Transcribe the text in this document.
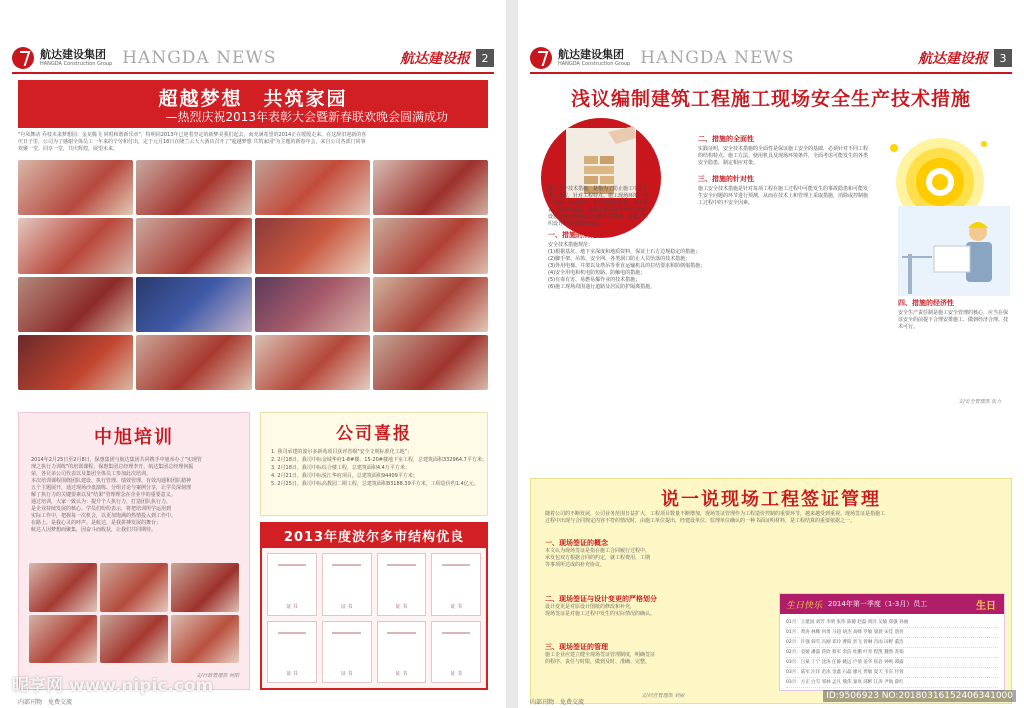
航达建设集团
HANGDA Construction Group HANGDA NEWS	航达建设报	2
超越梦想　共筑家园
—热烈庆祝2013年表彰大会暨新春联欢晚会圆满成功
"丹凤舞动 乔枝未来梦想园：金龙腾飞 同唱和谐新乐章"，特明同2013年已迎着坚定的新梦美我们起去，而充满希望的2014正在缓缓走来。在这辞旧迎新的喜
庆日子里，公司为了感谢全体员工一年来的辛劳和付出，定于元月18日在隆兰云天大酒店召开了"超越梦想 共筑家园"为主题的新春年会，来自公司各部门同事
欢聚一堂，同享一堂，共庆辉煌，展望未来。
中旭培训
2014年2月25日至2月8日，保惠集团与航达集团共同携手中旭举办了"实现管
理之执行力训练"的培训课程，保惠集团总经理李开，航达集团总经理何振
荣，各兄弟公司代表以及集团全体员工参加此次培训。
本次培训课程围绕团队建设、执行管理、绩效管理、有效沟通和团队精神
五个主题展开，通过现场沙盘演练、分组讨论与案例分享，让学员深刻理
解了执行力的关键要素以及"结果"管理理念在企业中的重要意义。
通过培训，大家一致认为：提升个人执行力，打造团队执行力，
是企业持续发展的核心。学员们纷纷表示，将把培训所学运用到
实际工作中，把握每一次机会，以更加饱满的热情投入到工作中。
在路上，是我心灵的呼声。是航达，是我拼搏发展的舞台；
航达人因梦想而聚集，因奋斗而收获，让我们共同期待。
文/行政管理部 何阳
公司喜报
1. 我司承建的波尔多新苑项目获评省级"安全文明标准化工地"；
2. 2月18日，我司中标金域华府1-8#楼、15-20#楼地下室工程，总建筑面积332964.7平方米；
3. 2月18日，我司中标综合楼工程，总建筑面积4.4万平方米；
4. 2月21日，我司中标悦江华府项目，总建筑面积94409平方米；
5. 2月25日，我司中标高教园二期工程，总建筑面积83188.39平方米，工程造价约1.4亿元。
2013年度波尔多市结构优良
证 书
证 书
证 书
证 书
证 书
证 书
证 书
证 书
内部刊物　免费交流
昵享网 www.nipic.com
航达建设集团
HANGDA Construction Group HANGDA NEWS	航达建设报	3
浅议编制建筑工程施工现场安全生产技术措施
施工安全技术措施，是指为了防止施工中发生
伤亡事故，针对工程特点、施工现场环境、施
工方法、劳动组织、作业使用的机械、动力设
备、变配电设施、架设工具以及各项安全防护
设施等制定的确保安全施工的措施，是施工组
织设计的重要组成部分。
一、措施的规范
安全技术措施规范：
(1)根据基坑、地下室深度和地质资料，保证土石方边规稳定的措施；
(2)脚手架、吊篮、安全网、各类洞口防止人员坠落的技术措施；
(3)外用电梯、井架以及塔吊等垂直运输机具的拉结要求和防倒塌措施；
(4)安全用电和机电防短路、防触电的措施；
(5)有毒有害、易燃易爆作业的技术措施；
(6)施工现场周围通行道路及居民防护隔离措施。
二、措施的全面性
实践证明，安全技术措施的全面性是保证施工安全的基础，必须针对不同工程的结构特点、施工方法、使用机具及现场环境条件，全面考虑可能发生的各类安全隐患，制定相应对策。
三、措施的针对性
施工安全技术措施是针对每项工程在施工过程中可能发生的事故隐患和可能发生安全问题的环节进行预测，从而在技术上和管理上采取措施，消除或控制施工过程中的不安全因素。
四、措施的经济性
安全生产责任制是施工安全管理的核心，应当在保证安全的前提下合理安排施工，做到经济合理、技术可行。
文/安全管理部 张力
说一说现场工程签证管理
随着公司的不断发展，公司业务范围日益扩大，工程项目数量不断增加，现场签证管理作为工程造价控制的重要环节，越来越受到重视。现场签证是指施工
过程中出现与合同规定内容不符的情况时，由施工单位提出，经建设单位、监理单位确认的一种书面证明材料，是工程结算的重要依据之一。
一、现场签证的概念
本文认为现场签证是指在施工合同履行过程中，
承发包双方根据合同的约定，就工程费用、工期
等事项所达成的补充协议。
二、现场签证与设计变更的严格划分
设计变更是对原设计图纸的修改和补充，
现场签证是对施工过程中发生的实际情况的确认。
三、现场签证的管理
施工企业应建立健全现场签证管理制度，明确签证
的程序、责任与时限，做到及时、准确、完整。
文/经营管理部 刘丽
生日快乐 2014年第一季度（1-3月）员工	生日
01月：王建国 刘芳 李明 张伟 陈静 赵磊 周洋 吴敏 郑强 孙丽
01月：黄涛 林娜 何勇 马超 胡杰 高峰 罗敏 梁晨 宋佳 唐亮
02月：许强 韩雪 冯刚 邓玲 曹阳 彭飞 曾琳 肖雨 田野 董浩
02月：袁媛 潘磊 蒋欣 蔡军 余洁 杜鹏 叶青 程凯 魏然 苏娟
03月：吕斌 丁宁 沈涛 任静 姚远 卢倩 姜华 崔岩 钟鸣 谭露
03月：陆军 汪洋 范冰 金鑫 石磊 廖凡 贾敏 夏天 韦东 付蓉
03月：方正 白雪 邹林 孟凡 熊伟 秦岚 邱彬 江涛 尹航 薛红
内部刊物　免费交流
ID:9506923 NO:20180316152406341000
